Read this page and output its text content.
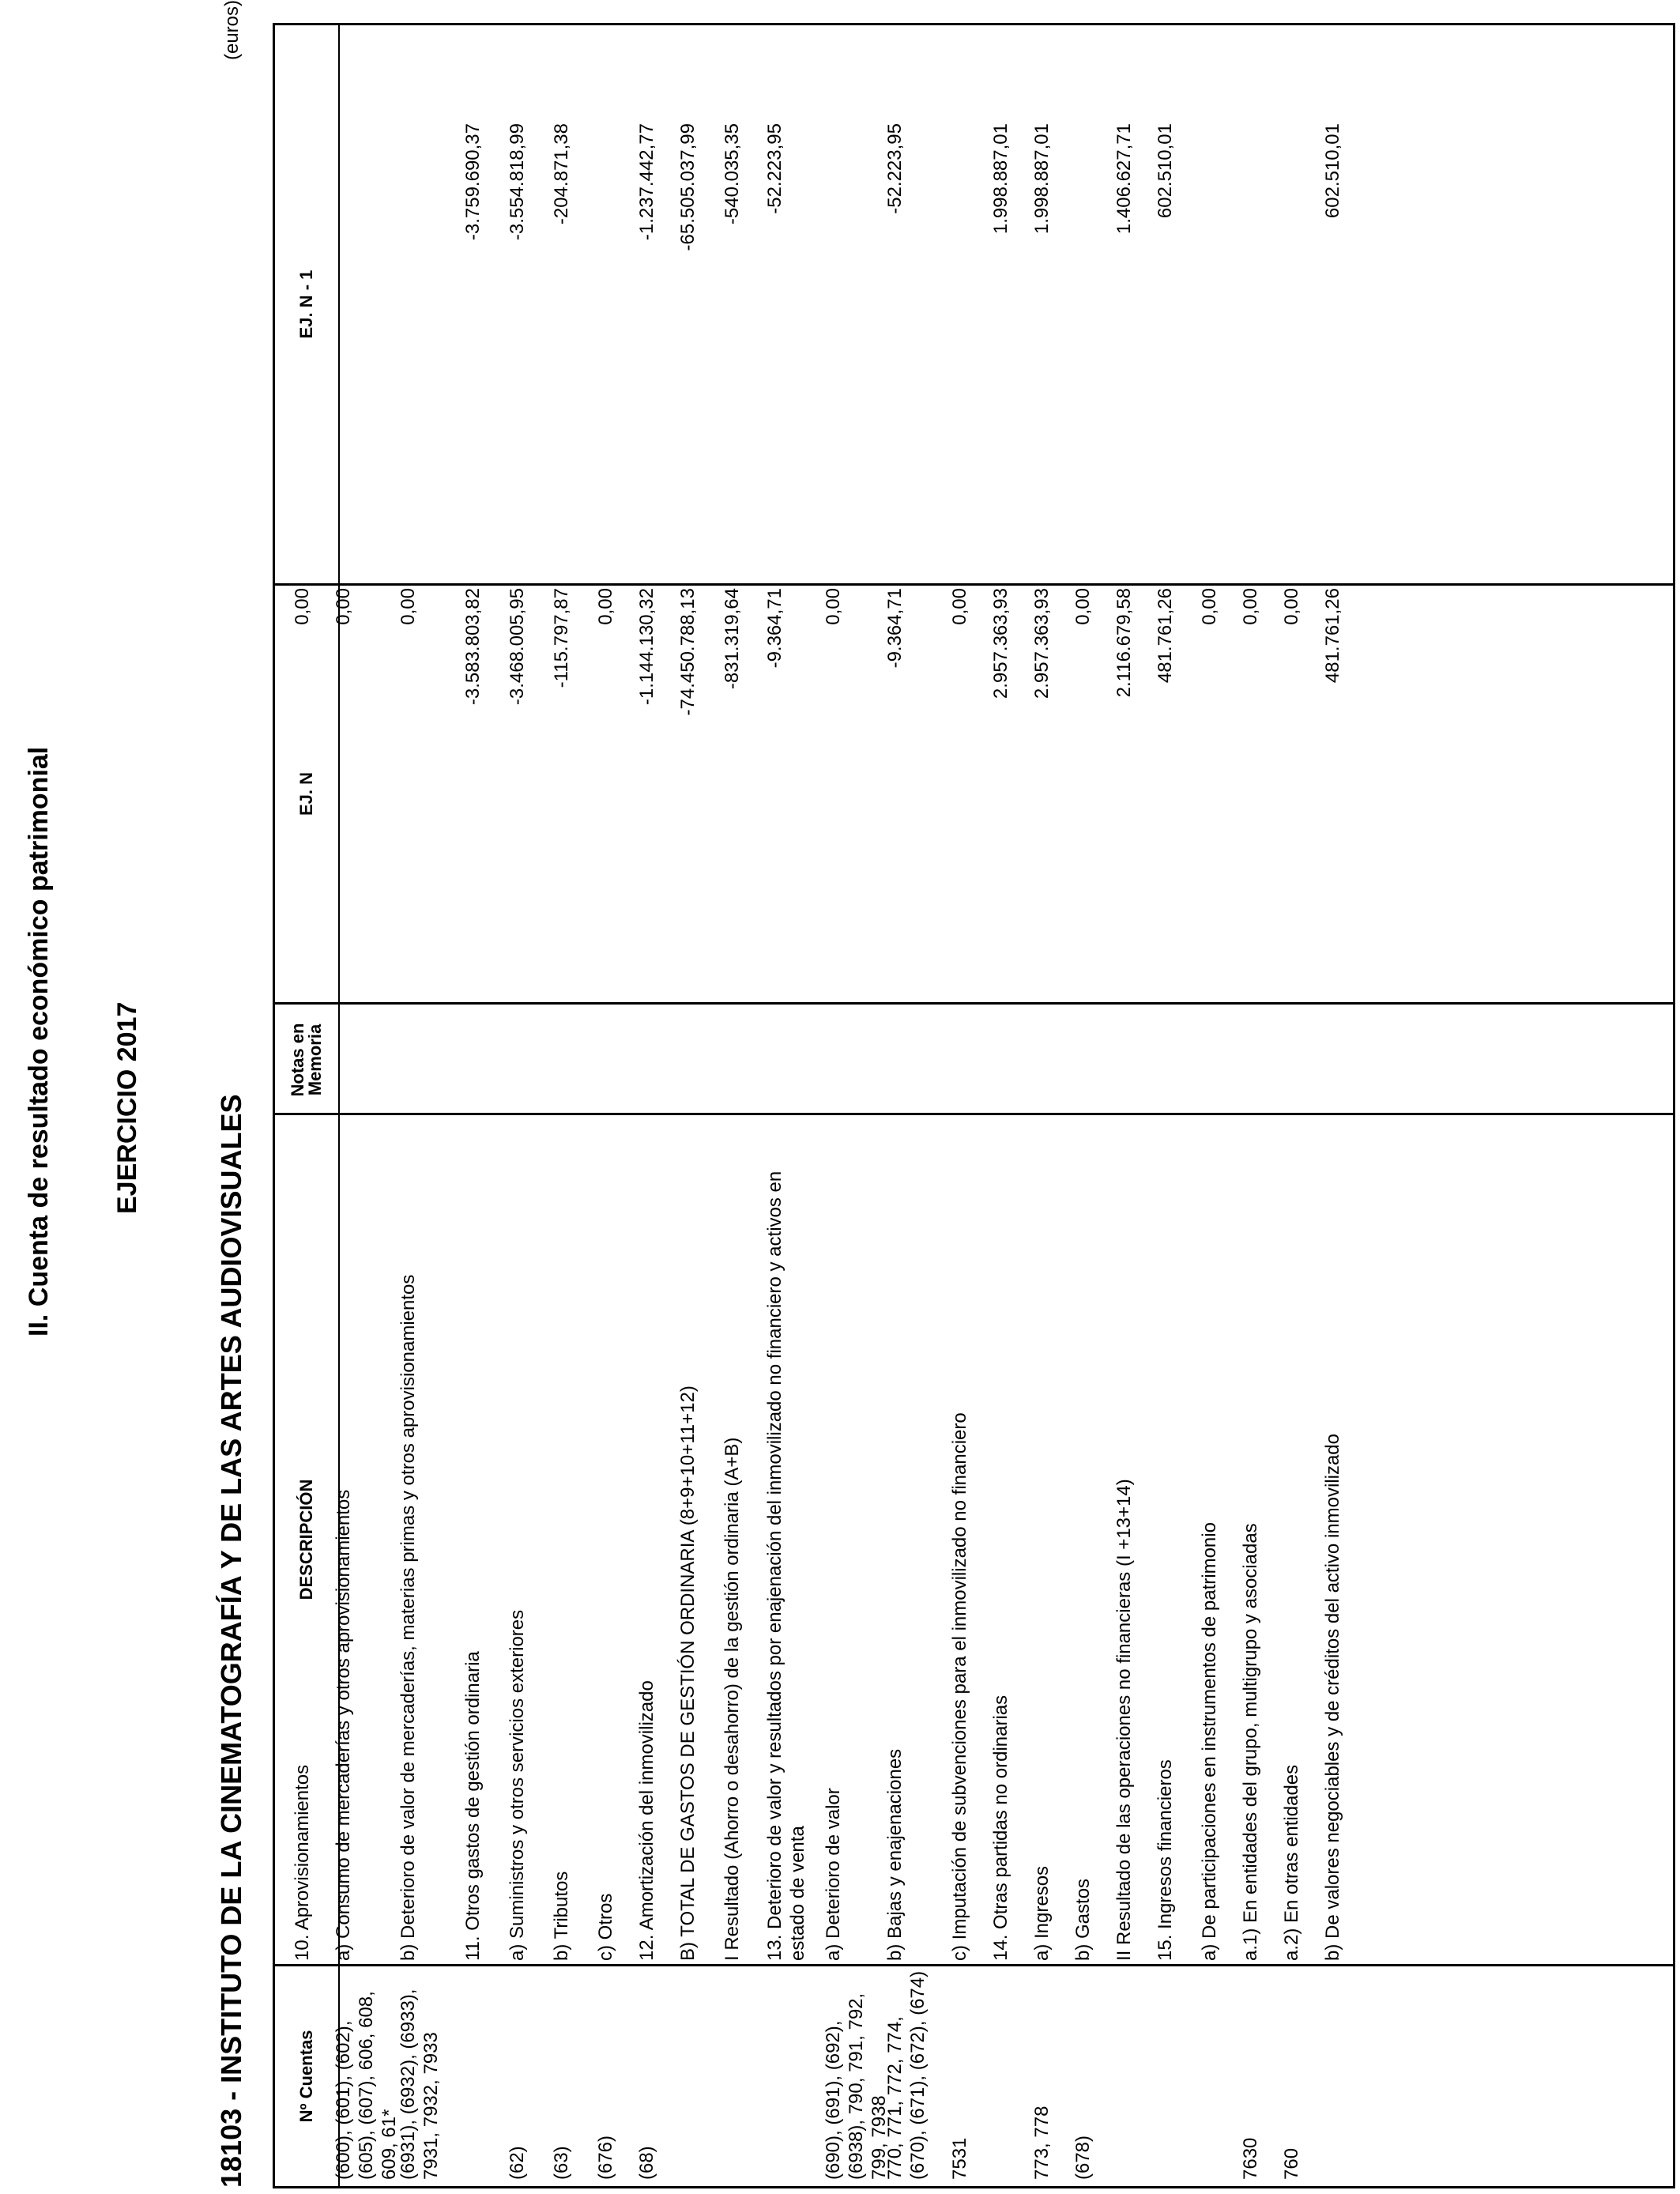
II. Cuenta de resultado económico patrimonial EJERCICIO 2017	18103 - INSTITUTO DE LA CINEMATOGRAFÍA Y DE LAS ARTES AUDIOVISUALES
(euros)
Nº Cuentas
DESCRIPCIÓN
Notas en Memoria
EJ. N
EJ. N - 1
10. Aprovisionamientos
0,00
(600), (601), (602), (605), (607), 606, 608, 609, 61*
a) Consumo de mercaderías y otros aprovisionamientos
0,00
(6931), (6932), (6933), 7931, 7932, 7933
b) Deterioro de valor de mercaderías, materias primas y otros aprovisionamientos
0,00
11. Otros gastos de gestión ordinaria
-3.583.803,82
-3.759.690,37
(62)
a) Suministros y otros servicios exteriores
-3.468.005,95
-3.554.818,99
(63)
b) Tributos
-115.797,87
-204.871,38
(676)
c) Otros
0,00
(68)
12. Amortización del inmovilizado
-1.144.130,32
-1.237.442,77
B) TOTAL DE GASTOS DE GESTIÓN ORDINARIA (8+9+10+11+12)
-74.450.788,13
-65.505.037,99
I Resultado (Ahorro o desahorro) de la gestión ordinaria (A+B)
-831.319,64
-540.035,35
13. Deterioro de valor y resultados por enajenación del inmovilizado no financiero y activos en estado de venta
-9.364,71
-52.223,95
(690), (691), (692), (6938), 790, 791, 792, 799, 7938
a) Deterioro de valor
0,00
770, 771, 772, 774, (670), (671), (672), (674)
b) Bajas y enajenaciones
-9.364,71
-52.223,95
7531
c) Imputación de subvenciones para el inmovilizado no financiero
0,00
14. Otras partidas no ordinarias
2.957.363,93
1.998.887,01
773, 778
a) Ingresos
2.957.363,93
1.998.887,01
(678)
b) Gastos
0,00
II Resultado de las operaciones no financieras (I +13+14)
2.116.679,58
1.406.627,71
15. Ingresos financieros
481.761,26
602.510,01
a) De participaciones en instrumentos de patrimonio
0,00
7630
a.1) En entidades del grupo, multigrupo y asociadas
0,00
760
a.2) En otras entidades
0,00
b) De valores negociables y de créditos del activo inmovilizado
481.761,26
602.510,01
